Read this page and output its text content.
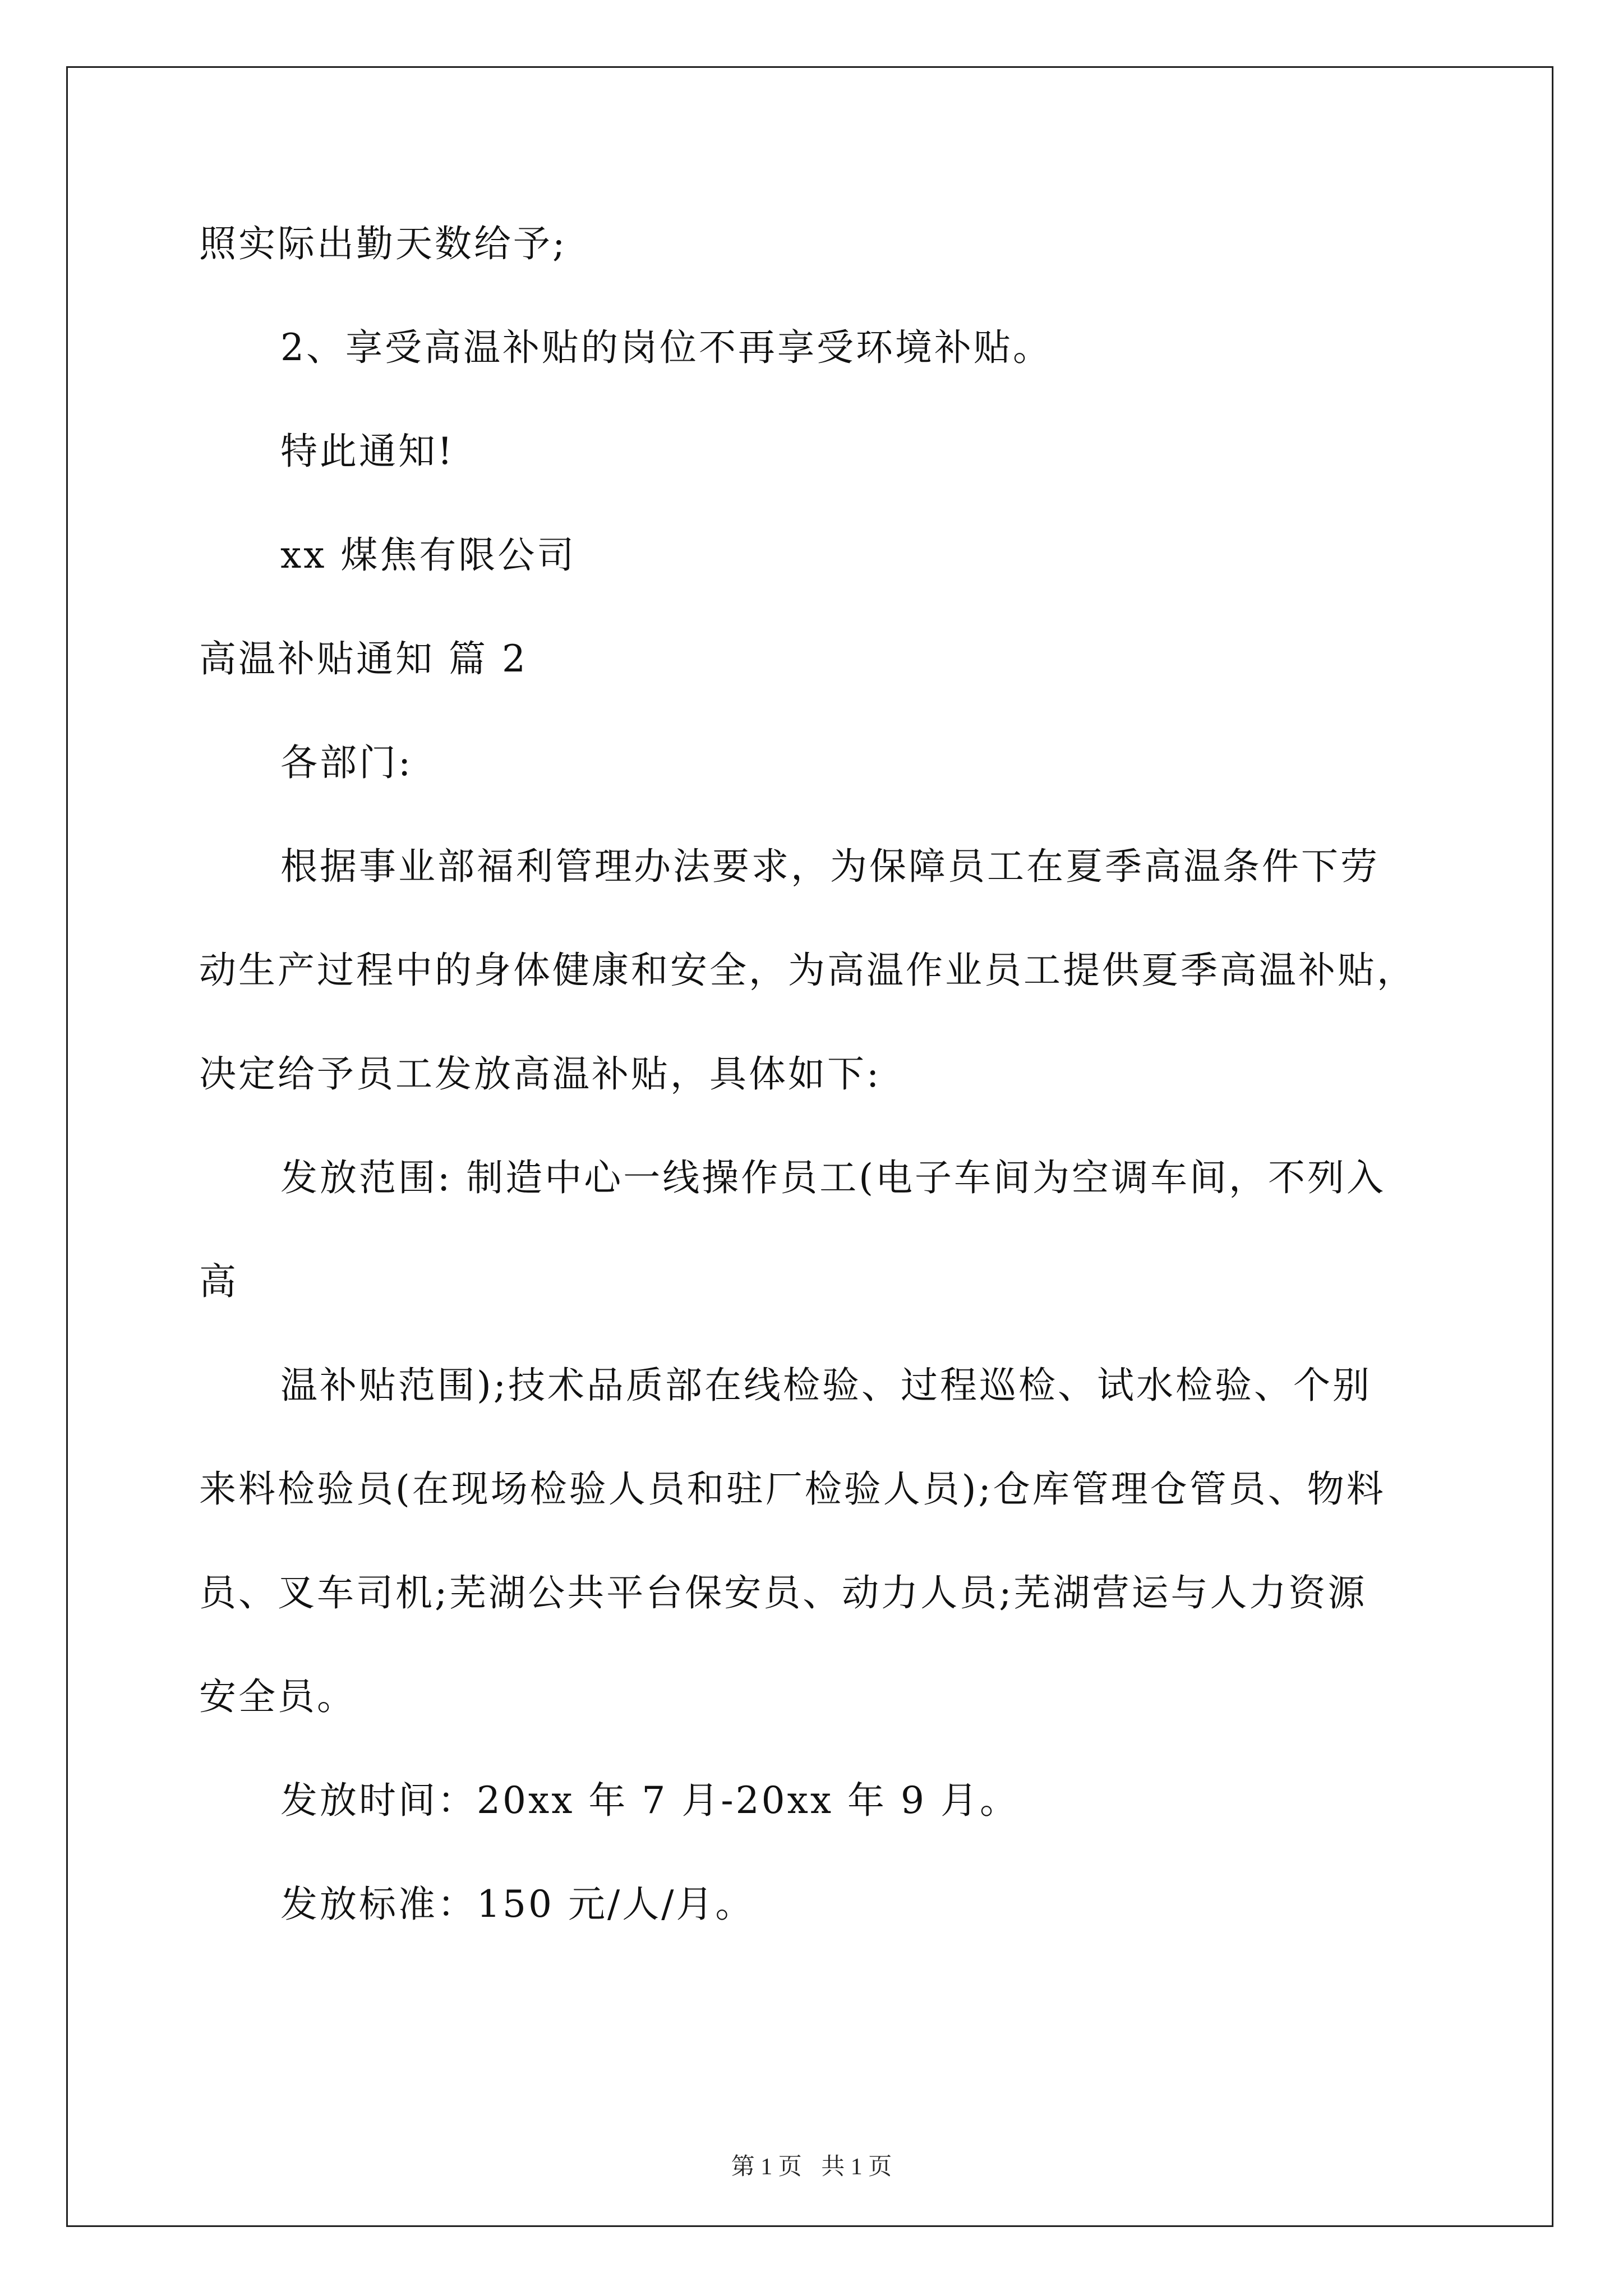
照实际出勤天数给予;
2、享受高温补贴的岗位不再享受环境补贴。
特此通知!
xx 煤焦有限公司
高温补贴通知 篇 2
各部门:
根据事业部福利管理办法要求，为保障员工在夏季高温条件下劳
动生产过程中的身体健康和安全，为高温作业员工提供夏季高温补贴，
决定给予员工发放高温补贴，具体如下:
发放范围: 制造中心一线操作员工(电子车间为空调车间，不列入
高
温补贴范围);技术品质部在线检验、过程巡检、试水检验、个别
来料检验员(在现场检验人员和驻厂检验人员);仓库管理仓管员、物料
员、叉车司机;芜湖公共平台保安员、动力人员;芜湖营运与人力资源
安全员。
发放时间：20xx 年 7 月-20xx 年 9 月。
发放标准：150 元/人/月。
第 1 页 共 1 页
